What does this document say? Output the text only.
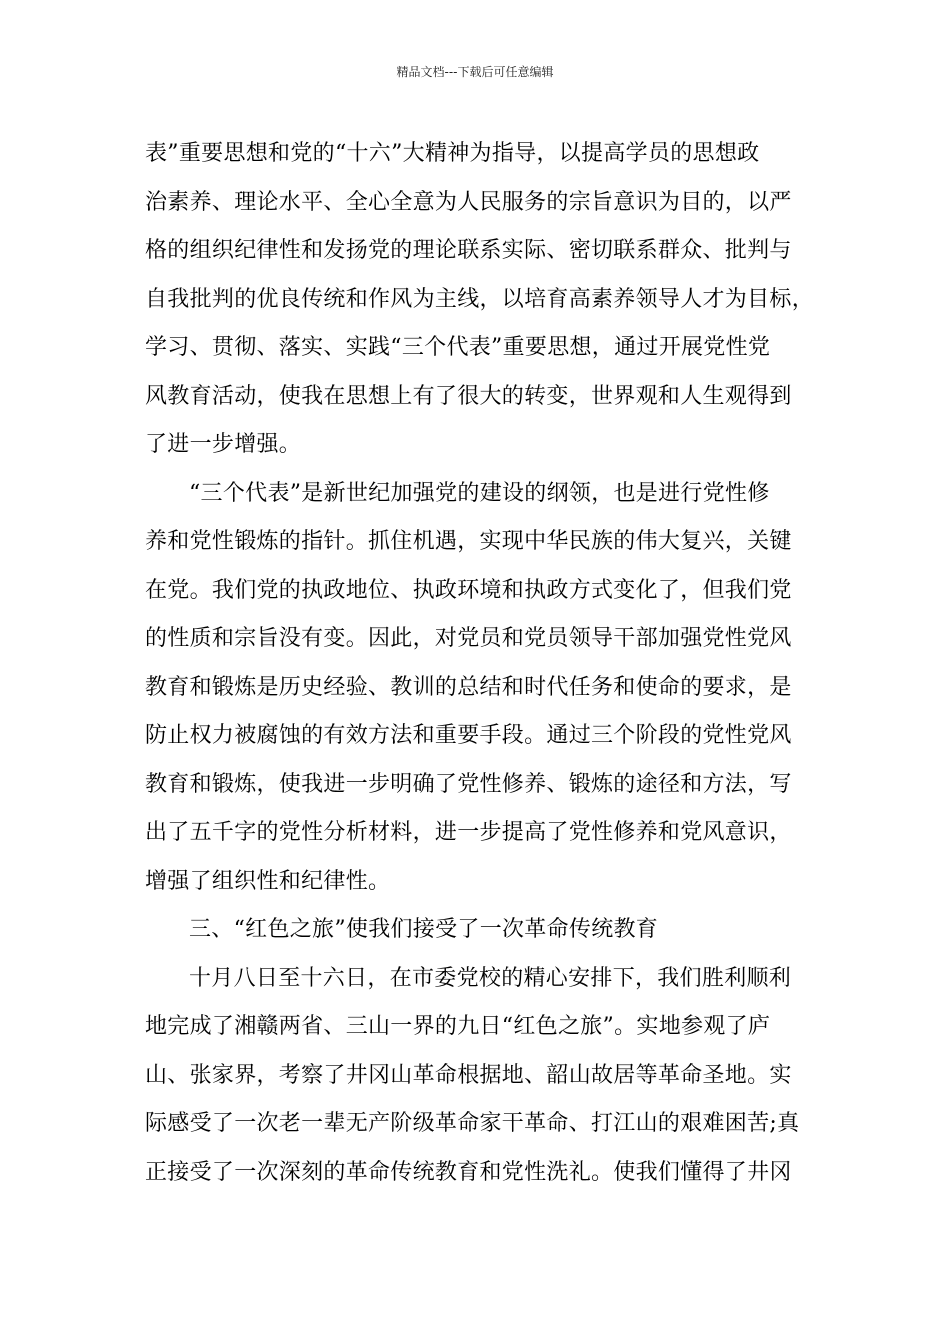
精品文档---下载后可任意编辑
表”重要思想和党的“十六”大精神为指导，以提高学员的思想政
治素养、理论水平、全心全意为人民服务的宗旨意识为目的，以严
格的组织纪律性和发扬党的理论联系实际、密切联系群众、批判与
自我批判的优良传统和作风为主线，以培育高素养领导人才为目标，
学习、贯彻、落实、实践“三个代表”重要思想，通过开展党性党
风教育活动，使我在思想上有了很大的转变，世界观和人生观得到
了进一步增强。
“三个代表”是新世纪加强党的建设的纲领，也是进行党性修
养和党性锻炼的指针。抓住机遇，实现中华民族的伟大复兴，关键
在党。我们党的执政地位、执政环境和执政方式变化了，但我们党
的性质和宗旨没有变。因此，对党员和党员领导干部加强党性党风
教育和锻炼是历史经验、教训的总结和时代任务和使命的要求，是
防止权力被腐蚀的有效方法和重要手段。通过三个阶段的党性党风
教育和锻炼，使我进一步明确了党性修养、锻炼的途径和方法，写
出了五千字的党性分析材料，进一步提高了党性修养和党风意识，
增强了组织性和纪律性。
三、“红色之旅”使我们接受了一次革命传统教育
十月八日至十六日，在市委党校的精心安排下，我们胜利顺利
地完成了湘赣两省、三山一界的九日“红色之旅”。实地参观了庐
山、张家界，考察了井冈山革命根据地、韶山故居等革命圣地。实
际感受了一次老一辈无产阶级革命家干革命、打江山的艰难困苦;真
正接受了一次深刻的革命传统教育和党性洗礼。使我们懂得了井冈
